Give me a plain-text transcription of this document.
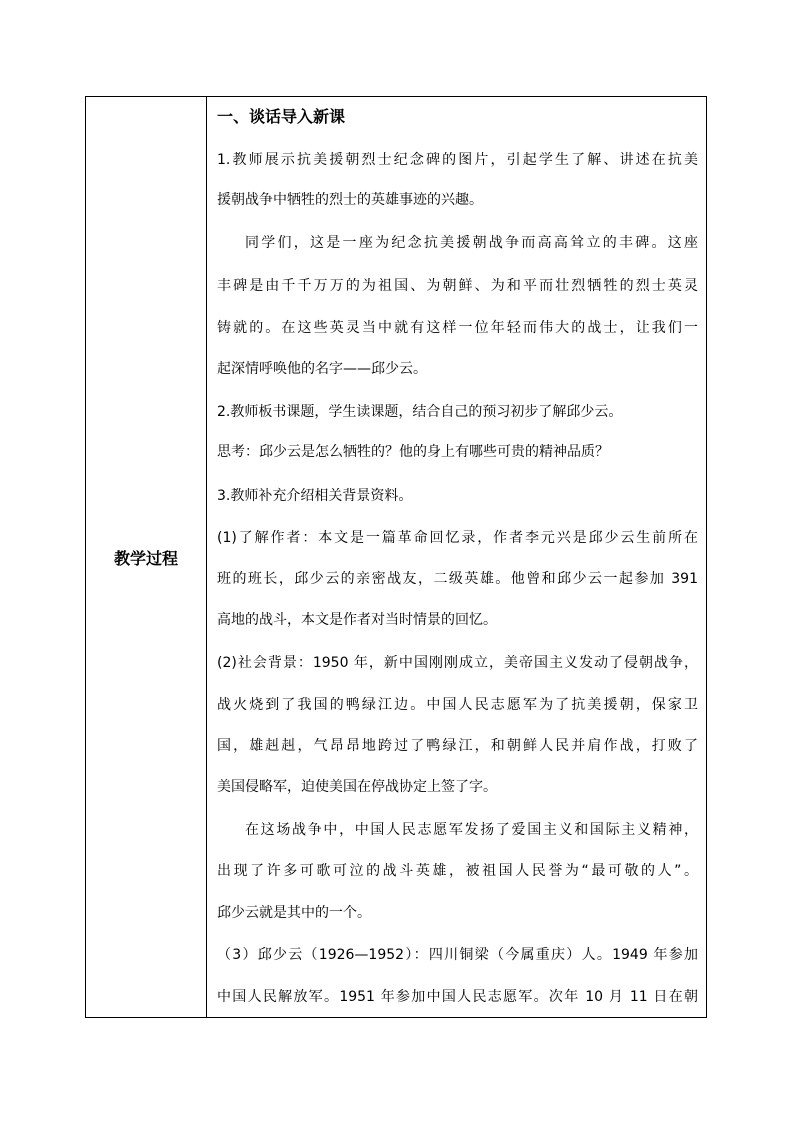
教学过程
一、谈话导入新课
1.教师展示抗美援朝烈士纪念碑的图片，引起学生了解、讲述在抗美
援朝战争中牺牲的烈士的英雄事迹的兴趣。
同学们，这是一座为纪念抗美援朝战争而高高耸立的丰碑。这座
丰碑是由千千万万的为祖国、为朝鲜、为和平而壮烈牺牲的烈士英灵
铸就的。在这些英灵当中就有这样一位年轻而伟大的战士，让我们一
起深情呼唤他的名字——邱少云。
2.教师板书课题，学生读课题，结合自己的预习初步了解邱少云。
思考：邱少云是怎么牺牲的？他的身上有哪些可贵的精神品质？
3.教师补充介绍相关背景资料。
(1)了解作者：本文是一篇革命回忆录，作者李元兴是邱少云生前所在
班的班长，邱少云的亲密战友，二级英雄。他曾和邱少云一起参加 391
高地的战斗，本文是作者对当时情景的回忆。
(2)社会背景：1950 年，新中国刚刚成立，美帝国主义发动了侵朝战争，
战火烧到了我国的鸭绿江边。中国人民志愿军为了抗美援朝，保家卫
国，雄赳赳，气昂昂地跨过了鸭绿江，和朝鲜人民并肩作战，打败了
美国侵略军，迫使美国在停战协定上签了字。
在这场战争中，中国人民志愿军发扬了爱国主义和国际主义精神，
出现了许多可歌可泣的战斗英雄，被祖国人民誉为“最可敬的人”。
邱少云就是其中的一个。
（3）邱少云（1926—1952）：四川铜梁（今属重庆）人。1949 年参加
中国人民解放军。1951 年参加中国人民志愿军。次年 10 月 11 日在朝
